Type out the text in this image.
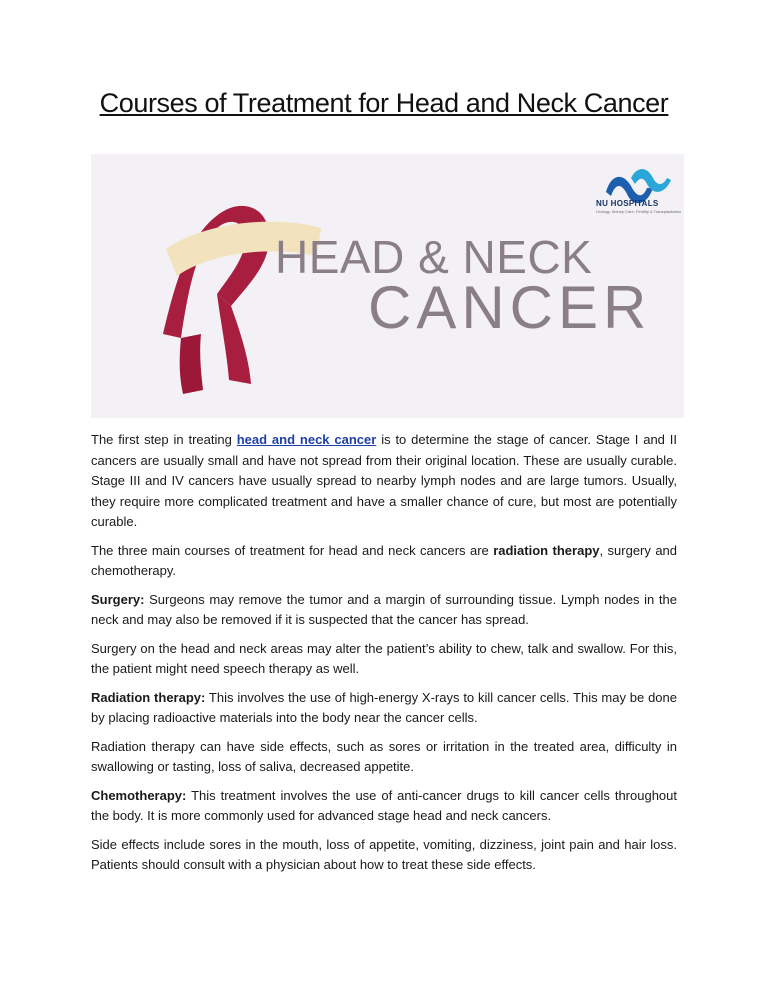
Courses of Treatment for Head and Neck Cancer
NU HOSPITALS
Urology, Kidney Care, Fertility & Transplantation
HEAD & NECK
CANCER

The first step in treating head and neck cancer is to determine the stage of cancer. Stage I and II cancers are usually small and have not spread from their original location. These are usually curable. Stage III and IV cancers have usually spread to nearby lymph nodes and are large tumors. Usually, they require more complicated treatment and have a smaller chance of cure, but most are potentially curable.

The three main courses of treatment for head and neck cancers are radiation therapy, surgery and chemotherapy.

Surgery: Surgeons may remove the tumor and a margin of surrounding tissue. Lymph nodes in the neck and may also be removed if it is suspected that the cancer has spread.

Surgery on the head and neck areas may alter the patient’s ability to chew, talk and swallow. For this, the patient might need speech therapy as well.

Radiation therapy: This involves the use of high-energy X-rays to kill cancer cells. This may be done by placing radioactive materials into the body near the cancer cells.

Radiation therapy can have side effects, such as sores or irritation in the treated area, difficulty in swallowing or tasting, loss of saliva, decreased appetite.

Chemotherapy: This treatment involves the use of anti-cancer drugs to kill cancer cells throughout the body. It is more commonly used for advanced stage head and neck cancers.

Side effects include sores in the mouth, loss of appetite, vomiting, dizziness, joint pain and hair loss. Patients should consult with a physician about how to treat these side effects.
